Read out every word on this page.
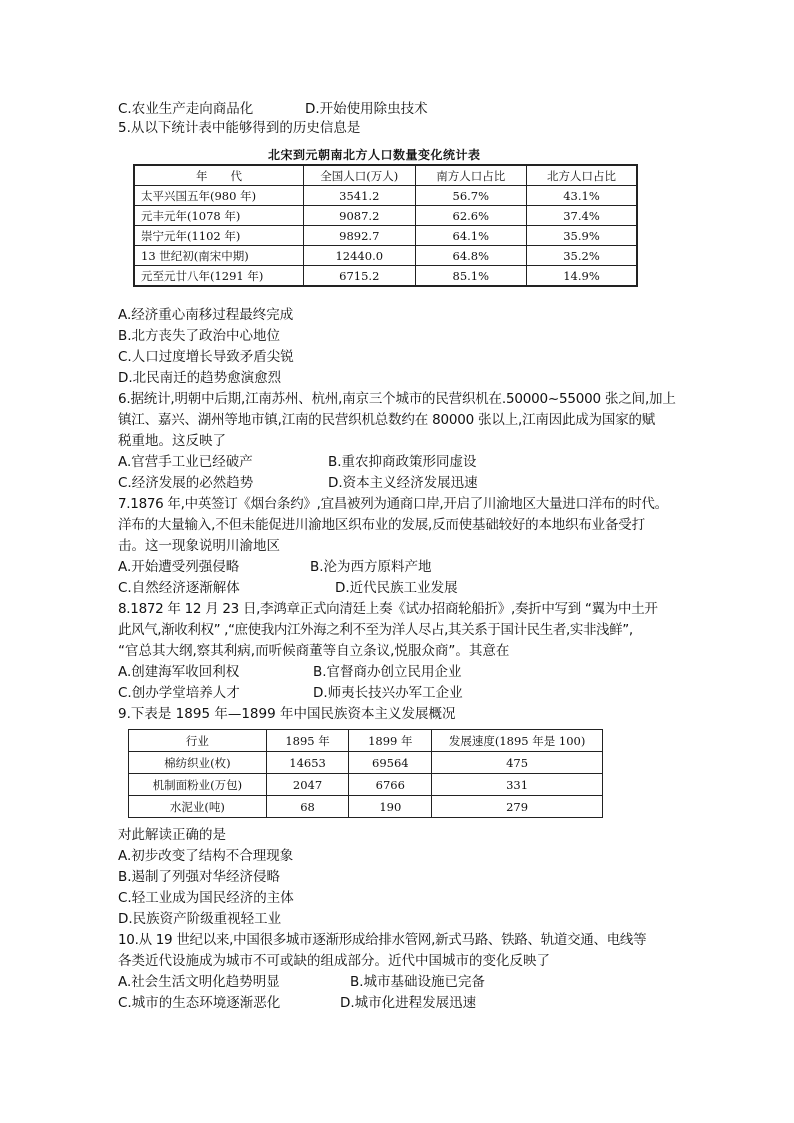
C.农业生产走向商品化	D.开始使用除虫技术
5.从以下统计表中能够得到的历史信息是
北宋到元朝南北方人口数量变化统计表
年　　代	全国人口(万人)	南方人口占比	北方人口占比
太平兴国五年(980 年)	3541.2	56.7%	43.1%
元丰元年(1078 年)	9087.2	62.6%	37.4%
崇宁元年(1102 年)	9892.7	64.1%	35.9%
13 世纪初(南宋中期)	12440.0	64.8%	35.2%
元至元廿八年(1291 年)	6715.2	85.1%	14.9%
A.经济重心南移过程最终完成
B.北方丧失了政治中心地位
C.人口过度增长导致矛盾尖锐
D.北民南迁的趋势愈演愈烈
6.据统计,明朝中后期,江南苏州、杭州,南京三个城市的民营织机在.50000~55000 张之间,加上
镇江、嘉兴、湖州等地市镇,江南的民营织机总数约在 80000 张以上,江南因此成为国家的赋
税重地。这反映了
A.官营手工业已经破产	B.重农抑商政策形同虚设
C.经济发展的必然趋势	D.资本主义经济发展迅速
7.1876 年,中英签订《烟台条约》,宜昌被列为通商口岸,开启了川渝地区大量进口洋布的时代。
洋布的大量输入,不但未能促进川渝地区织布业的发展,反而使基础较好的本地织布业备受打
击。这一现象说明川渝地区
A.开始遭受列强侵略	B.沦为西方原料产地
C.自然经济逐渐解体	D.近代民族工业发展
8.1872 年 12 月 23 日,李鸿章正式向清廷上奏《试办招商轮船折》,奏折中写到 “翼为中土开
此风气,渐收利权” ,“庶使我内江外海之利不至为洋人尽占,其关系于国计民生者,实非浅鲜”,
“官总其大纲,察其利病,而听候商董等自立条议,悦服众商”。其意在
A.创建海军收回利权	B.官督商办创立民用企业
C.创办学堂培养人才	D.师夷长技兴办军工企业
9.下表是 1895 年—1899 年中国民族资本主义发展概况
行业	1895 年	1899 年	发展速度(1895 年是 100)
棉纺织业(枚)	14653	69564	475
机制面粉业(万包)	2047	6766	331
水泥业(吨)	68	190	279
对此解读正确的是
A.初步改变了结构不合理现象
B.遏制了列强对华经济侵略
C.轻工业成为国民经济的主体
D.民族资产阶级重视轻工业
10.从 19 世纪以来,中国很多城市逐渐形成给排水管网,新式马路、铁路、轨道交通、电线等
各类近代设施成为城市不可或缺的组成部分。近代中国城市的变化反映了
A.社会生活文明化趋势明显	B.城市基础设施已完备
C.城市的生态环境逐渐恶化	D.城市化进程发展迅速
